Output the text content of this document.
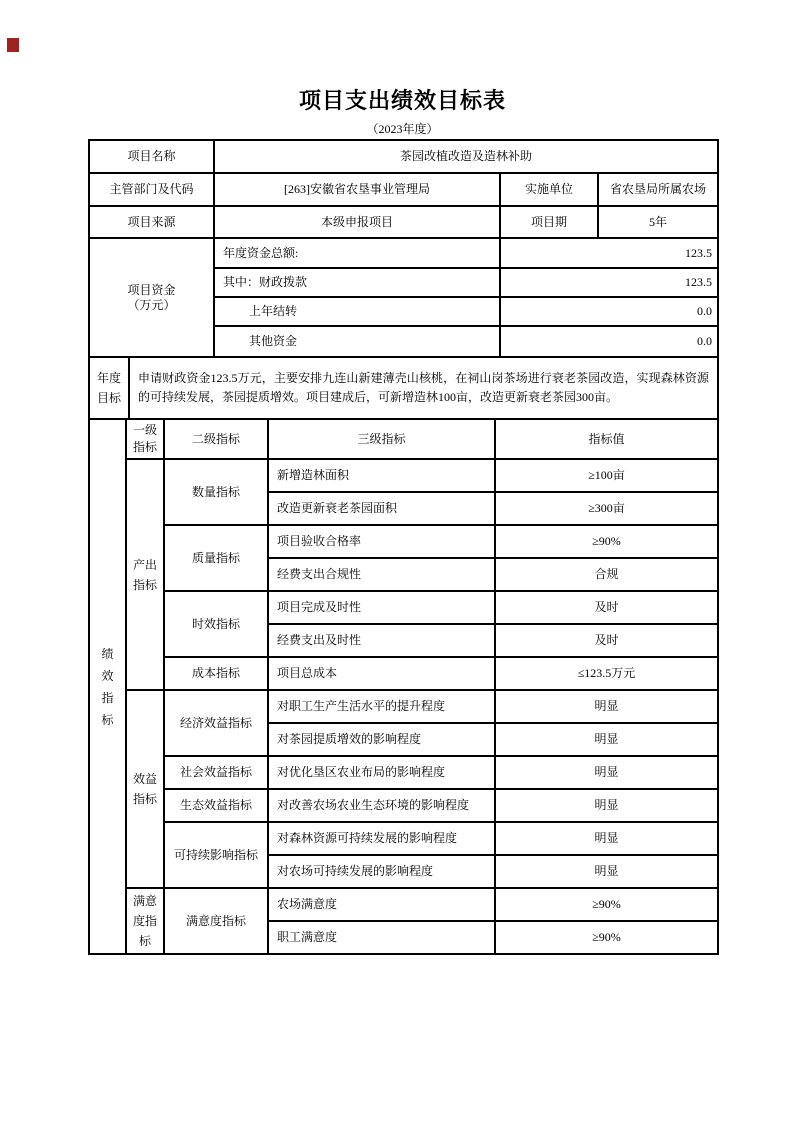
项目支出绩效目标表
（2023年度）
项目名称	茶园改植改造及造林补助		
主管部门及代码	[263]安徽省农垦事业管理局	实施单位	省农垦局所属农场
项目来源	本级申报项目	项目期	5年

项目资金
（万元）	年度资金总额:	123.5	
	其中：财政拨款	123.5	
	上年结转	0.0	
	其他资金	0.0	
年度目标	申请财政资金123.5万元，主要安排九连山新建薄壳山核桃，在祠山岗茶场进行衰老茶园改造，实现森林资源的可持续发展，茶园提质增效。项目建成后，可新增造林100亩，改造更新衰老茶园300亩。
绩效指标	一级指标	二级指标	三级指标	指标值
	产出指标	数量指标	新增造林面积	≥100亩
			改造更新衰老茶园面积	≥300亩
		质量指标	项目验收合格率	≥90%
			经费支出合规性	合规
		时效指标	项目完成及时性	及时
			经费支出及时性	及时
		成本指标	项目总成本	≤123.5万元
	效益指标	经济效益指标	对职工生产生活水平的提升程度	明显
			对茶园提质增效的影响程度	明显
		社会效益指标	对优化垦区农业布局的影响程度	明显
		生态效益指标	对改善农场农业生态环境的影响程度	明显
		可持续影响指标	对森林资源可持续发展的影响程度	明显
			对农场可持续发展的影响程度	明显
	满意度指标	满意度指标	农场满意度	≥90%
			职工满意度	≥90%
